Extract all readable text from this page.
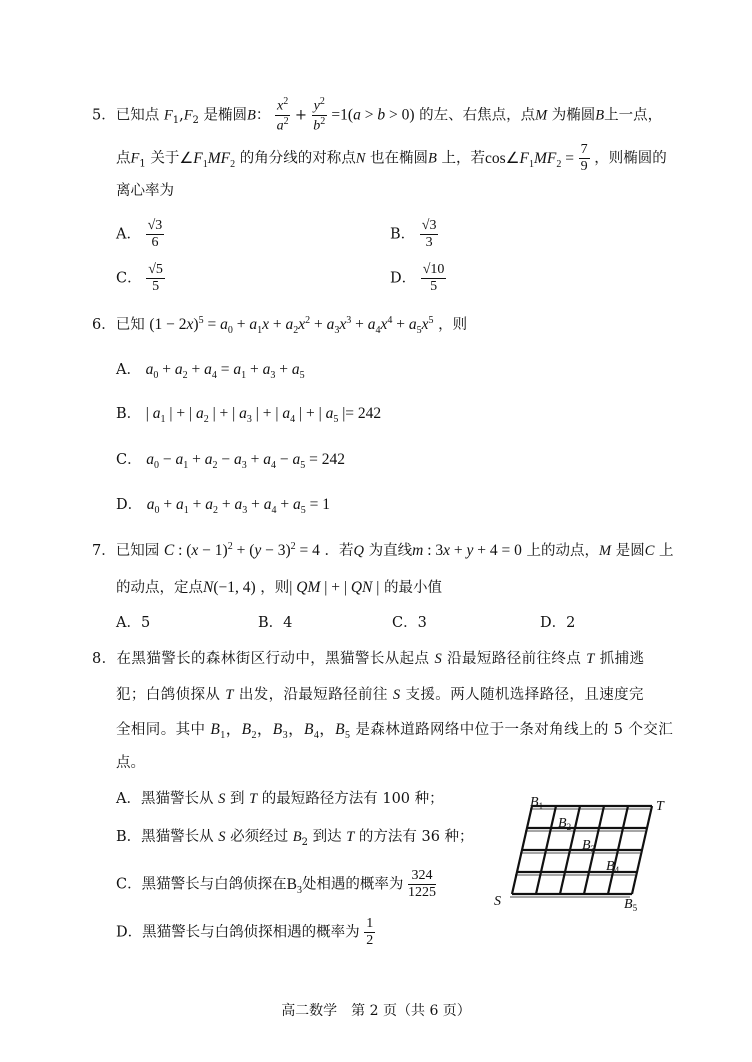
5．已知点 $F_1,F_2$ 是椭圆B： $\frac{x^2}{a^2} + \frac{y^2}{b^2} =1(a > b > 0)$ 的左、右焦点，点M 为椭圆B上一点，
点$F_1$ 关于$\angle F_1MF_2$ 的角分线的对称点N 也在椭圆B 上，若$\cos\angle F_1MF_2 = \frac{7}{9}$ ，则椭圆的
离心率为
A． $\frac{√3}{6}$	B． $\frac{√3}{3}$
C． $\frac{√5}{5}$	D． $\frac{√10}{5}$
6．已知 $(1 - 2x)^5 = a_0 + a_1x + a_2x^2 + a_3x^3 + a_4x^4 + a_5x^5$ ，则
A． $a_0 + a_2 + a_4 = a_1 + a_3 + a_5$
B． | $a_1$ | + | $a_2$ | + | $a_3$ | + | $a_4$ | + | $a_5$ |= 242
C． $a_0 - a_1 + a_2 - a_3 + a_4 - a_5 = 242$
D． $a_0 + a_1 + a_2 + a_3 + a_4 + a_5 = 1$
7．已知园 C : $(x - 1)^2 + (y - 3)^2 = 4$ ．若Q 为直线m : 3x + y + 4 = 0 上的动点，M 是圆C 上
的动点，定点N(−1, 4) ，则| QM | + | QN | 的最小值
A．5	B．4	C．3	D．2
8．在黑猫警长的森林街区行动中，黑猫警长从起点 S 沿最短路径前往终点 T 抓捕逃
犯；白鸽侦探从 T 出发，沿最短路径前往 S 支援。两人随机选择路径，且速度完
全相同。其中 $B_1$，$B_2$，$B_3$，$B_4$，$B_5$ 是森林道路网络中位于一条对角线上的 5 个交汇
点。
A．黑猫警长从 S 到 T 的最短路径方法有 100 种；
B．黑猫警长从 S 必须经过 $B_2$ 到达 T 的方法有 36 种；
C．黑猫警长与白鸽侦探在$B_3$处相遇的概率为 $\frac{324}{1225}$
D．黑猫警长与白鸽侦探相遇的概率为 $\frac{1}{2}$
$B_1$	T
$B_2$
$B_3$
$B_4$
S	$B_5$
高二数学　第 2 页（共 6 页）
